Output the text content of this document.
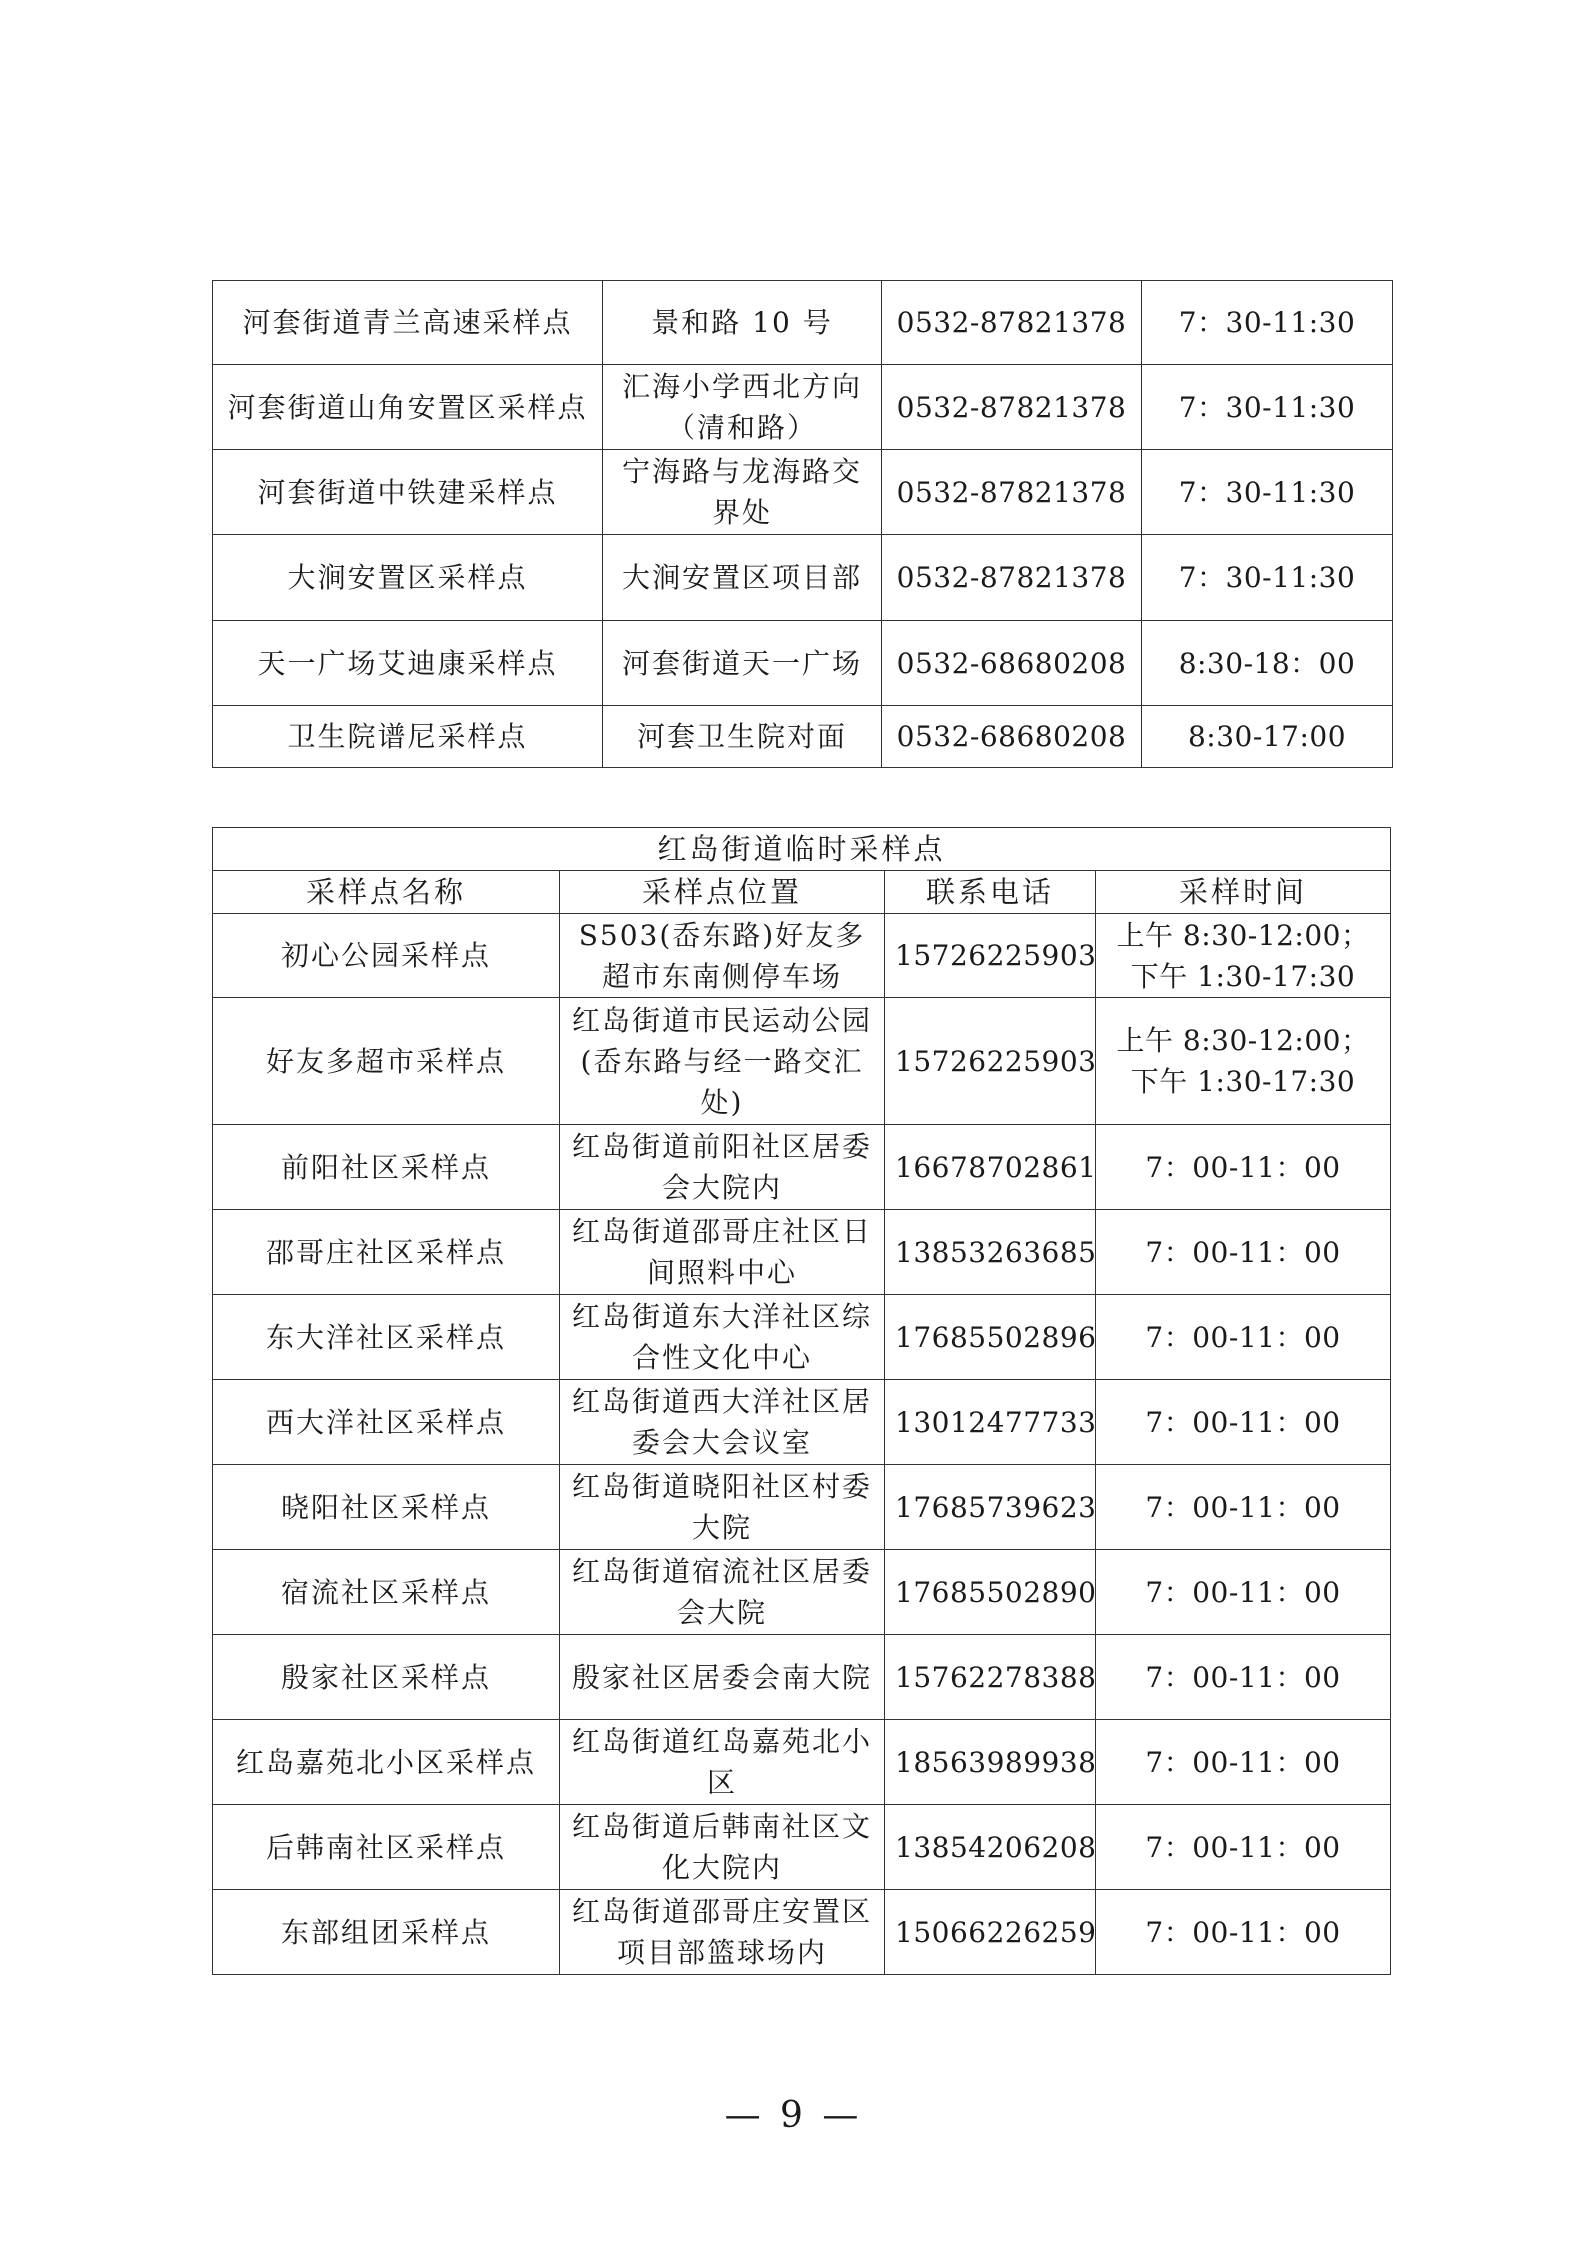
河套街道青兰高速采样点	景和路 10 号	0532-87821378	7：30-11:30
河套街道山角安置区采样点	汇海小学西北方向（清和路）	0532-87821378	7：30-11:30
河套街道中铁建采样点	宁海路与龙海路交界处	0532-87821378	7：30-11:30
大涧安置区采样点	大涧安置区项目部	0532-87821378	7：30-11:30
天一广场艾迪康采样点	河套街道天一广场	0532-68680208	8:30-18：00
卫生院谱尼采样点	河套卫生院对面	0532-68680208	8:30-17:00
红岛街道临时采样点			
采样点名称	采样点位置	联系电话	采样时间
初心公园采样点	S503(岙东路)好友多超市东南侧停车场	15726225903	上午 8:30-12:00；下午 1:30-17:30
好友多超市采样点	红岛街道市民运动公园(岙东路与经一路交汇处)	15726225903	上午 8:30-12:00；下午 1:30-17:30
前阳社区采样点	红岛街道前阳社区居委会大院内	16678702861	7：00-11：00
邵哥庄社区采样点	红岛街道邵哥庄社区日间照料中心	13853263685	7：00-11：00
东大洋社区采样点	红岛街道东大洋社区综合性文化中心	17685502896	7：00-11：00
西大洋社区采样点	红岛街道西大洋社区居委会大会议室	13012477733	7：00-11：00
晓阳社区采样点	红岛街道晓阳社区村委大院	17685739623	7：00-11：00
宿流社区采样点	红岛街道宿流社区居委会大院	17685502890	7：00-11：00
殷家社区采样点	殷家社区居委会南大院	15762278388	7：00-11：00
红岛嘉苑北小区采样点	红岛街道红岛嘉苑北小区	18563989938	7：00-11：00
后韩南社区采样点	红岛街道后韩南社区文化大院内	13854206208	7：00-11：00
东部组团采样点	红岛街道邵哥庄安置区项目部篮球场内	15066226259	7：00-11：00
— 9 —
